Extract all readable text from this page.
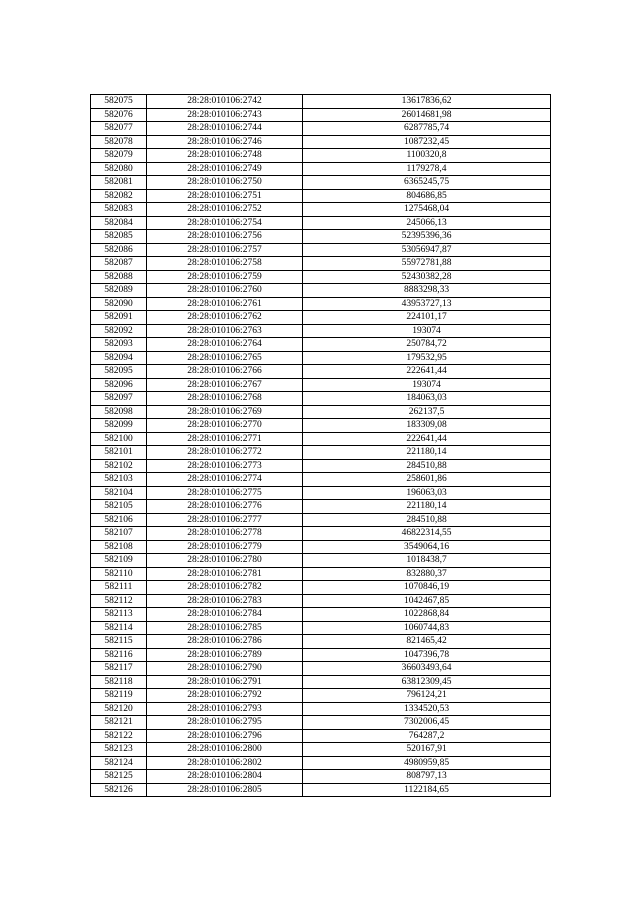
582075	28:28:010106:2742	13617836,62
582076	28:28:010106:2743	26014681,98
582077	28:28:010106:2744	6287785,74
582078	28:28:010106:2746	1087232,45
582079	28:28:010106:2748	1100320,8
582080	28:28:010106:2749	1179278,4
582081	28:28:010106:2750	6365245,75
582082	28:28:010106:2751	804686,85
582083	28:28:010106:2752	1275468,04
582084	28:28:010106:2754	245066,13
582085	28:28:010106:2756	52395396,36
582086	28:28:010106:2757	53056947,87
582087	28:28:010106:2758	55972781,88
582088	28:28:010106:2759	52430382,28
582089	28:28:010106:2760	8883298,33
582090	28:28:010106:2761	43953727,13
582091	28:28:010106:2762	224101,17
582092	28:28:010106:2763	193074
582093	28:28:010106:2764	250784,72
582094	28:28:010106:2765	179532,95
582095	28:28:010106:2766	222641,44
582096	28:28:010106:2767	193074
582097	28:28:010106:2768	184063,03
582098	28:28:010106:2769	262137,5
582099	28:28:010106:2770	183309,08
582100	28:28:010106:2771	222641,44
582101	28:28:010106:2772	221180,14
582102	28:28:010106:2773	284510,88
582103	28:28:010106:2774	258601,86
582104	28:28:010106:2775	196063,03
582105	28:28:010106:2776	221180,14
582106	28:28:010106:2777	284510,88
582107	28:28:010106:2778	46822314,55
582108	28:28:010106:2779	3549064,16
582109	28:28:010106:2780	1018438,7
582110	28:28:010106:2781	832880,37
582111	28:28:010106:2782	1070846,19
582112	28:28:010106:2783	1042467,85
582113	28:28:010106:2784	1022868,84
582114	28:28:010106:2785	1060744,83
582115	28:28:010106:2786	821465,42
582116	28:28:010106:2789	1047396,78
582117	28:28:010106:2790	36603493,64
582118	28:28:010106:2791	63812309,45
582119	28:28:010106:2792	796124,21
582120	28:28:010106:2793	1334520,53
582121	28:28:010106:2795	7302006,45
582122	28:28:010106:2796	764287,2
582123	28:28:010106:2800	520167,91
582124	28:28:010106:2802	4980959,85
582125	28:28:010106:2804	808797,13
582126	28:28:010106:2805	1122184,65
